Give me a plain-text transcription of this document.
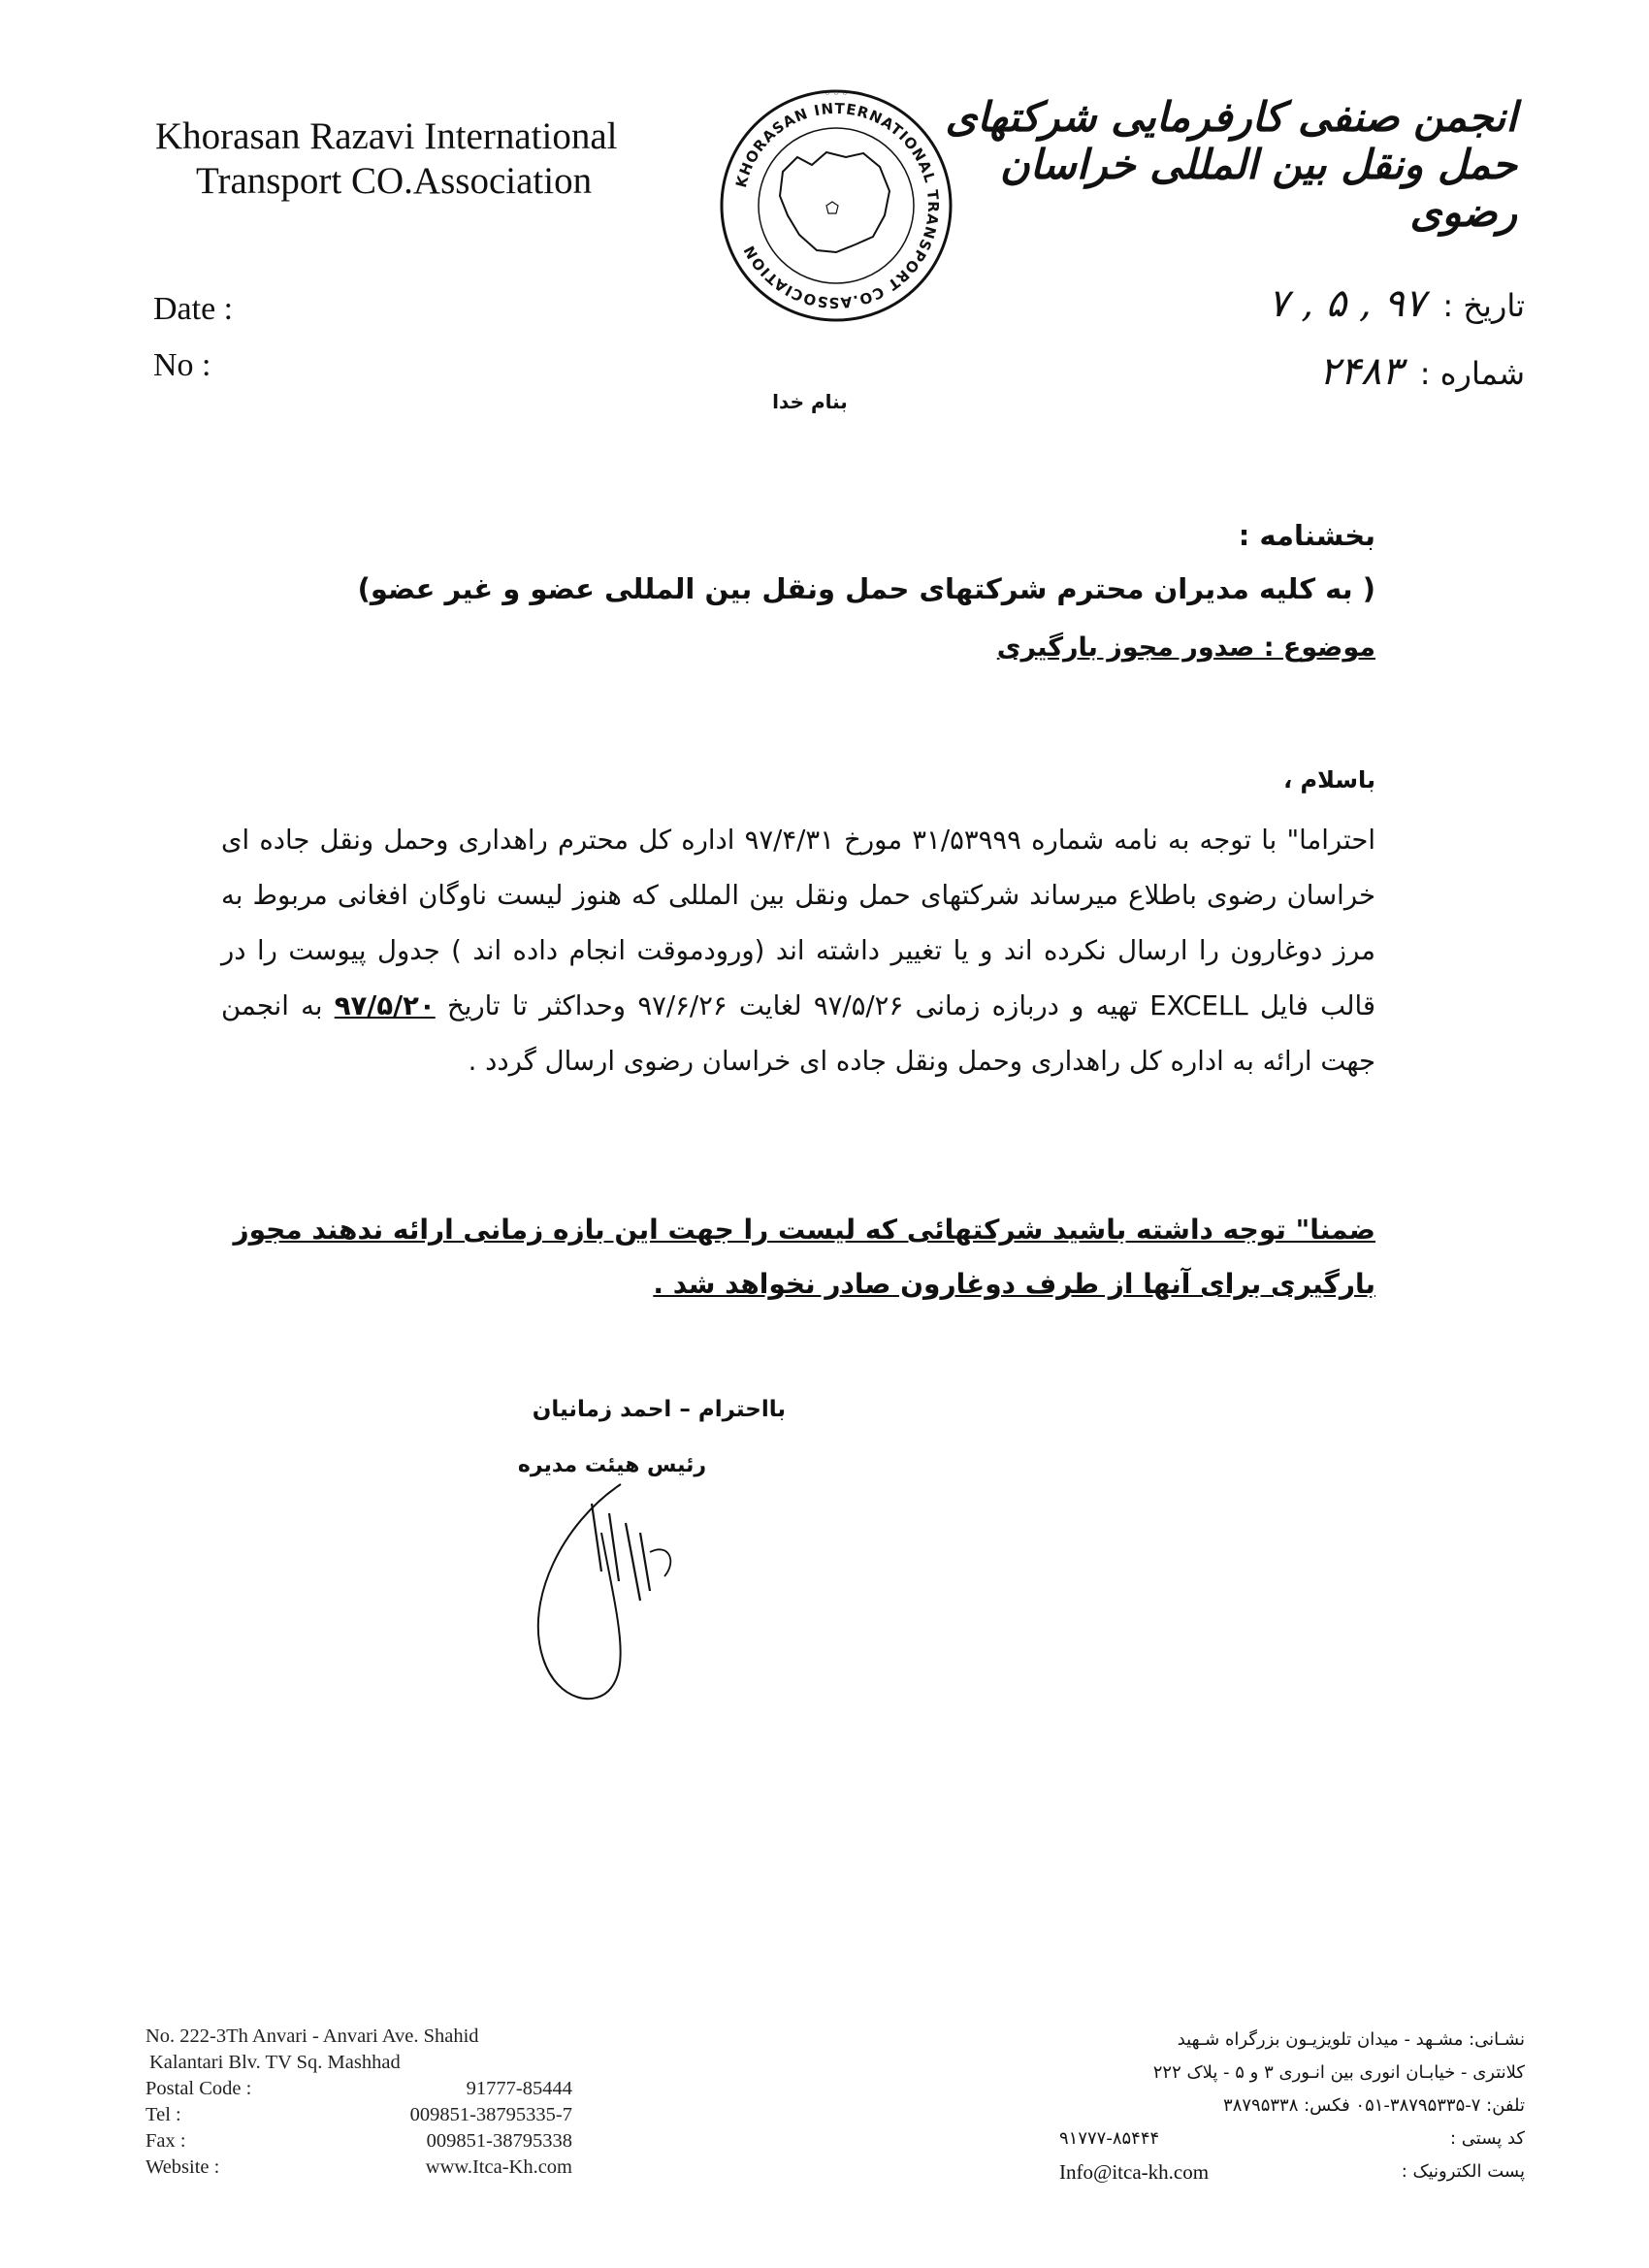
Khorasan Razavi International
Transport CO.Association
Date :
No :
KHORASAN INTERNATIONAL TRANSPORT CO.ASSOCIATION
۞ ۞ ۞
انجمن صنفی کارفرمایی شرکتهای حمل ونقل بین المللی خراسان رضوی
تاریخ :۹۷ , ۵ , ۷
شماره :۲۴۸۳
بنام خدا
بخشنامه :
( به کلیه مدیران محترم شرکتهای حمل ونقل بین المللی عضو و غیر عضو)
موضوع : صدور مجوز بارگیری
باسلام ،
احتراما" با توجه به نامه شماره ۳۱/۵۳۹۹۹ مورخ ۹۷/۴/۳۱ اداره کل محترم راهداری وحمل ونقل جاده ای خراسان رضوی باطلاع میرساند شرکتهای حمل ونقل بین المللی که هنوز لیست ناوگان افغانی مربوط به مرز دوغارون را ارسال نکرده اند و یا تغییر داشته اند (ورودموقت انجام داده اند ) جدول پیوست را در قالب فایل EXCELL تهیه و دربازه زمانی ۹۷/۵/۲۶ لغایت ۹۷/۶/۲۶ وحداکثر تا تاریخ ۹۷/۵/۲۰ به انجمن جهت ارائه به اداره کل راهداری وحمل ونقل جاده ای خراسان رضوی ارسال گردد .
ضمنا" توجه داشته باشید شرکتهائی که لیست را جهت این بازه زمانی ارائه ندهند مجوز بارگیری برای آنها از طرف دوغارون صادر نخواهد شد .
بااحترام – احمد زمانیان
رئیس هیئت مدیره
No. 222-3Th Anvari - Anvari Ave. Shahid
Kalantari Blv. TV Sq. Mashhad
Postal Code :	91777-85444
Tel :	009851-38795335-7
Fax :	009851-38795338
Website :	www.Itca-Kh.com
نشـانی: مشـهد - میدان تلویزیـون بزرگراه شـهید
کلانتری - خیابـان انوری بین انـوری ۳ و ۵ - پلاک ۲۲۲
تلفن: ۷-۳۸۷۹۵۳۳۵-۰۵۱ فکس: ۳۸۷۹۵۳۳۸
کد پستی :
۹۱۷۷۷-۸۵۴۴۴
پست الکترونیک :
Info@itca-kh.com
